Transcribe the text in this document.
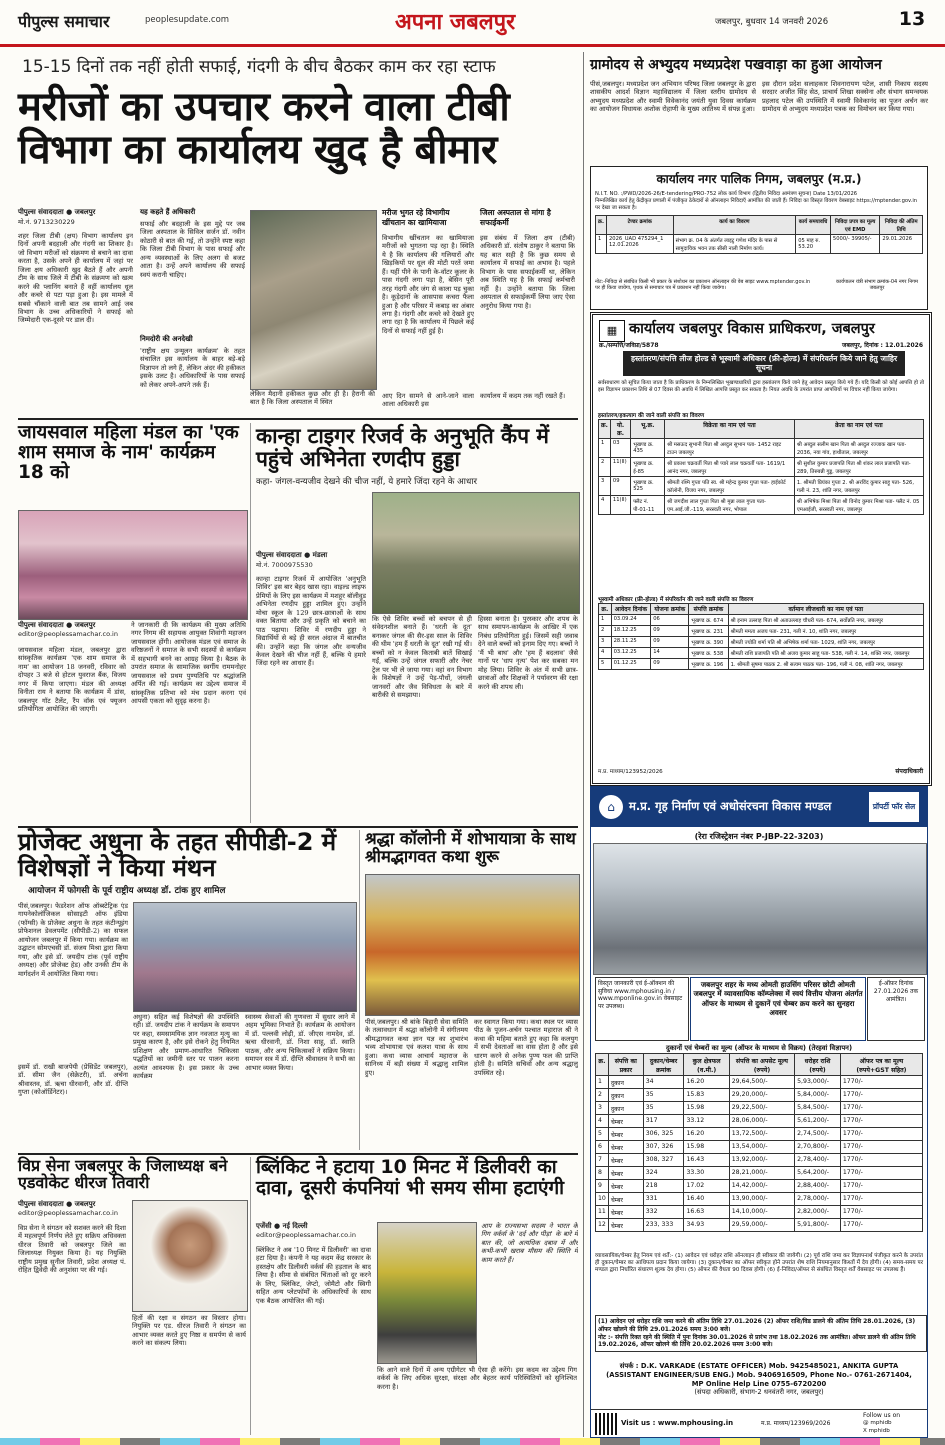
पीपुल्स समाचार	peoplesupdate.com	अपना जबलपुर	जबलपुर, बुधवार 14 जनवरी 2026	13
15-15 दिनों तक नहीं होती सफाई, गंदगी के बीच बैठकर काम कर रहा स्टाफ
मरीजों का उपचार करने वाला टीबी विभाग का कार्यालय खुद है बीमार
पीपुल्स संवाददाता ● जबलपुर
मो.नं. 9713230229
शहर जिला टीबी (क्षय) विभाग कार्यालय इन दिनों अपनी बदहाली और गंदगी का शिकार है। जो विभाग मरीजों को संक्रमण से बचाने का दावा करता है, उसके अपने ही कार्यालय में जहां पर जिला क्षय अधिकारी खुद बैठते हैं और अपनी टीम के साथ जिले में टीबी के संक्रमण को खत्म करने की प्लानिंग बनाते हैं वहीं कार्यालय धूल और कचरे से पटा पड़ा हुआ है। इस मामले में सबसे चौंकाने वाली बात तब सामने आई जब विभाग के उच्च अधिकारियों ने सफाई को जिम्मेदारी एक-दूसरे पर डाल दी।
यह कहते हैं अधिकारी
सफाई और बदहाली के इस मुद्दे पर जब जिला अस्पताल के सिविल सर्जन डॉ. नवीन कोठारी से बात की गई, तो उन्होंने स्पष्ट कहा कि जिला टीबी विभाग के पास सफाई और अन्य व्यवस्थाओं के लिए अलग से बजट आता है। उन्हें अपने कार्यालय की सफाई स्वयं करानी चाहिए।
निमदोरी की अनदेखी
'राष्ट्रीय क्षय उन्मूलन कार्यक्रम' के तहत संचालित इस कार्यालय के बाहर बड़े-बड़े विज्ञापन तो लगे हैं, लेकिन अंदर की हकीकत इसके उलट है। अधिकारियों के पास सफाई को लेकर अपने-अपने तर्क हैं।
लेकिन मैदानी हकीकत कुछ और ही है। हैरानी की बात है कि जिला अस्पताल में स्थित
मरीज भुगत रहे विभागीय खींचतान का खामियाजा
विभागीय खींचतान का खामियाजा मरीजों को भुगतना पड़ रहा है। स्थिति ये है कि कार्यालय की गलियारों और खिड़कियों पर धूल की मोटी परतें जमा हैं। यहीं पीने के पानी के-वॉटर कूलर के पास गंदगी लगा पड़ा है, बेसिन पूरी तरह गंदगी और जंग से काला पड़ चुका है। कूड़ेदानों के आसपास कचरा फैला हुआ है और परिसर में कबाड़ का अंबार लगा है। गंदगी और कचरे को देखते हुए लगा रहा है कि कार्यालय में पिछले कई दिनों से सफाई नहीं हुई है।
आए दिन सामने से आने-जाने वाला आला अधिकारी इस
जिला अस्पताल से मांगा है सफाईकर्मी
इस संबंध में जिला क्षय (टीबी) अधिकारी डॉ. संतोष ठाकुर ने बताया कि यह बात सही है कि कुछ समय से कार्यालय में सफाई का अभाव है। पहले विभाग के पास सफाईकर्मी था, लेकिन अब स्थिति यह है कि सफाई कर्मचारी नहीं है। उन्होंने बताया कि जिला अस्पताल से सफाईकर्मी लिया जाए ऐसा अनुरोध किया गया है।
कार्यालय में कदम तक नहीं रखते हैं।
जायसवाल महिला मंडल का 'एक शाम समाज के नाम' कार्यक्रम 18 को
पीपुल्स संवाददाता ● जबलपुर
editor@peoplessamachar.co.in
जायसवाल महिला मंडल, जबलपुर द्वारा सांस्कृतिक कार्यक्रम 'एक शाम समाज के नाम' का आयोजन 18 जनवरी, रविवार को दोपहर 3 बजे से होटल युवराज बैंक, विजय नगर में किया जाएगा। मंडल की अध्यक्ष विनीता राय ने बताया कि कार्यक्रम में डांस, जबलपुर गॉट टैलेंट, रैंप वॉक एवं फ्यूजन प्रतियोगिता आयोजित की जाएगी।
ने जानकारी दी कि कार्यक्रम की मुख्य अतिथि नगर निगम की सहायक आयुक्त शिवांगी महाजन जायसवाल होंगी। आयोजक मंडल एवं समाज के वरिष्ठजनों ने समाज के सभी सदस्यों से कार्यक्रम में सहभागी बनने का आग्रह किया है। बैठक के उपरांत समाज के सामाजिक स्वर्गीय राममनोहर जायसवाल को प्रथम पुण्यतिथि पर श्रद्धांजलि अर्पित की गई। कार्यक्रम का उद्देश्य समाज में सांस्कृतिक प्रतिभा को मंच प्रदान करना एवं आपसी एकता को सुदृढ़ करना है।
कान्हा टाइगर रिजर्व के अनुभूति कैंप में पहुंचे अभिनेता रणदीप हुड्डा
कहा- जंगल-वन्यजीव देखने की चीज नहीं, ये हमारे जिंदा रहने के आधार
पीपुल्स संवाददाता ● मंडला
मो.नं. 7000975530
कान्हा टाइगर रिजर्व में आयोजित 'अनुभूति शिविर' इस बार बेहद खास रहा। वाइल्ड लाइफ प्रेमियों के लिए इस कार्यक्रम में मशहूर बॉलीवुड अभिनेता रणदीप हुड्डा शामिल हुए। उन्होंने मोचा स्कूल के 129 छात्र-छात्राओं के साथ वक्त बिताया और उन्हें प्रकृति को बचाने का पाठ पढ़ाया। शिविर में रणदीप हुड्डा ने विद्यार्थियों से बड़े ही सरल अंदाज में बातचीत की। उन्होंने कहा कि जंगल और वन्यजीव केवल देखने की चीज नहीं हैं, बल्कि ये हमारे जिंदा रहने का आधार हैं।
कि ऐसे शिविर बच्चों को बचपन से ही संवेदनशील बनाते हैं। 'धरती के दूत' बनाकर जंगल की सैर-इस साल के शिविर की थीम 'हम हैं धरती के दूत' रखी गई थी। बच्चों को न केवल किताबी बातें सिखाई गईं, बल्कि उन्हें जंगल सफारी और नेचर ट्रेल पर भी ले जाया गया। वहां वन विभाग के विशेषज्ञों ने उन्हें पेड़-पौधों, जंगली जानवरों और जैव विविधता के बारे में बारीकी से समझाया।
हिस्सा बनाता है। पुरस्कार और शपथ के साथ समापन-कार्यक्रम के आखिर में एक निबंध प्रतियोगिता हुई। जिसमें सही जवाब देने वाले बच्चों को इनाम दिए गए। बच्चों ने 'मैं भी बाघ' और 'हम हैं बदलाव' जैसे गानों पर 'धाप नृत्य' पेश कर सबका मन मोह लिया। शिविर के अंत में सभी छात्र-छात्राओं और शिक्षकों ने पर्यावरण की रक्षा करने की शपथ ली।
प्रोजेक्ट अधुना के तहत सीपीडी-2 में विशेषज्ञों ने किया मंथन
आयोजन में फोगसी के पूर्व राष्ट्रीय अध्यक्ष डॉ. टांक हुए शामिल
पीसं,जबलपुर। फेडरेशन ऑफ ऑब्स्टेट्रिक एंड गायनेकोलॉजिकल सोसाइटी ऑफ इंडिया (फॉग्सी) के प्रोजेक्ट अधुना के तहत कंटीन्यूइंग प्रोफेशनल डेवलपमेंट (सीपीडी-2) का सफल आयोजन जबलपुर में किया गया। कार्यक्रम का उद्घाटन सोमएचसी डॉ. संजय मिश्रा द्वारा किया गया, और इसे डॉ. जयदीप टांक (पूर्व राष्ट्रीय अध्यक्ष) और प्रोजेक्ट हेड) और उनकी टीम के मार्गदर्शन में आयोजित किया गया।
इसमें डॉ. राखी बाजपेयी (प्रेसिडेंट जबलपुर), डॉ. सीमा जैन (सेक्रेटरी), डॉ. अर्चना श्रीवास्तव, डॉ. ऋचा धीरवानी, और डॉ. दीप्ति गुप्ता (कोऑर्डिनेटर)।
अधुना) सहित कई विशेषज्ञों की उपस्थिति रही। डॉ. जयदीप टांक ने कार्यक्रम के समापन पर कहा, समसामयिक ज्ञान नवजात मृत्यु का प्रमुख कारण है, और इसे रोकने हेतु नियमित प्रशिक्षण और प्रमाण-आधारित चिकित्सा पद्धतियों का जमीनी स्तर पर पालन करना अत्यंत आवश्यक है। इस प्रकार के उच्च कार्यक्रम
स्वास्थ्य सेवाओं की गुणवत्ता में सुधार लाने में अहम भूमिका निभाते हैं। कार्यक्रम के आयोजन में डॉ. पल्लवी लोढ़ी, डॉ. जीएस नामदेव, डॉ. ऋचा धीरवानी, डॉ. निशा साहू, डॉ. स्वाति पाठक, और अन्य चिकित्सकों ने सक्रिय किया। समापन सत्र में डॉ. दीप्ति श्रीवास्तव ने सभी का आभार व्यक्त किया।
श्रद्धा कॉलोनी में शोभायात्रा के साथ श्रीमद्भागवत कथा शुरू
पीसं,जबलपुर। श्री बांके बिहारी सेवा समिति के तत्वावधान में श्रद्धा कॉलोनी में संगीतमय श्रीमद्भागवत कथा ज्ञान यज्ञ का शुभारंभ भव्य शोभायात्रा एवं कलश यात्रा के साथ हुआ। कथा व्यास आचार्य महाराज के सानिध्य में बड़ी संख्या में श्रद्धालु शामिल हुए।
कर स्वागत किया गया। कथा स्थल पर व्यास पीठ के पूजन-अर्चन पश्चात महाराज श्री ने कथा की महिमा बताते हुए कहा कि कलयुग में सभी देवताओं का वास होता है और इसे धारण करने से अनेक पुण्य फल की प्राप्ति होती है। समिति सचिवों और अन्य श्रद्धालु उपस्थित रहे।
विप्र सेना जबलपुर के जिलाध्यक्ष बने एडवोकेट धीरज तिवारी
पीपुल्स संवाददाता ● जबलपुर
editor@peoplessamachar.co.in
विप्र सेना ने संगठन को सशक्त करने की दिशा में महत्वपूर्ण निर्णय लेते हुए सक्रिय अधिवक्ता धीरज तिवारी को जबलपुर जिले का जिलाध्यक्ष नियुक्त किया है। यह नियुक्ति राष्ट्रीय प्रमुख सुनील तिवारी, प्रदेश अध्यक्ष पं. रोहित द्विवेदी की अनुशंसा पर की गई।
हितों की रक्षा व संगठन का विस्तार होगा। नियुक्ति पर एड. धीरज तिवारी ने संगठन का आभार व्यक्त करते हुए निष्ठा व समर्पण से कार्य करने का संकल्प लिया।
ब्लिंकिट ने हटाया 10 मिनट में डिलीवरी का दावा, दूसरी कंपनियां भी समय सीमा हटाएंगी
एजेंसी ● नई दिल्ली
editor@peoplessamachar.co.in
ब्लिंकिट ने अब '10 मिनट में डिलीवरी' का दावा हटा दिया है। कंपनी ने यह कदम केंद्र सरकार के हस्तक्षेप और डिलीवरी वर्कर्स की हड़ताल के बाद लिया है। सीमा से संबंधित चिंताओं को दूर करने के लिए, ब्लिंकिट, जेप्टो, जोमैटो और स्विगी सहित अन्य प्लेटफॉर्मों के अधिकारियों के साथ एक बैठक आयोजित की गई।
आप के राज्यसभा सदस्य ने भारत के गिग वर्कर्स के 'दर्द और पीड़ा' के बारे में बात की, जो अत्यधिक दबाव में और कभी-कभी खराब मौसम की स्थिति में काम करते हैं।
कि आने वाले दिनों में अन्य एग्रीगेटर भी ऐसा ही करेंगे। इस कदम का उद्देश्य गिग वर्कर्स के लिए अधिक सुरक्षा, संरक्षा और बेहतर कार्य परिस्थितियों को सुनिश्चित करना है।
ग्रामोदय से अभ्युदय मध्यप्रदेश पखवाड़ा का हुआ आयोजन
पीसं,जबलपुर। मध्यप्रदेश जन अभियान परिषद जिला जबलपुर के द्वारा शासकीय आदर्श विज्ञान महाविद्यालय में जिला स्तरीय ग्रामोदय से अभ्युदय मध्यप्रदेश और स्वामी विवेकानंद जयंती युवा दिवस कार्यक्रम का आयोजन विधायक अशोक रोहाणी के मुख्य आतिथ्य में संपन्न हुआ।
इस दौरान प्रदेश सलाहकार शिवनारायण पटेल, शासी निकाय सदस्य सरदार अजीत सिंह सेठ, प्राचार्य शिखा सक्सेना और संभाग समन्वयक प्रहलाद पटेल की उपस्थिति में स्वामी विवेकानंद का पूजन अर्चन कर ग्रामोदय से अभ्युदय मध्यप्रदेश पत्रक का विमोचन कर किया गया।
कार्यालय नगर पालिक निगम, जबलपुर (म.प्र.)
N.I.T. NO. :/PWD/2026-26/E-tendering/PRO-752 लोक कार्य विभाग (द्वितीय निविदा आमंत्रण सूचना) Date 13/01/2026
निम्नलिखित कार्य हेतु केंद्रीकृत प्रणाली में पंजीकृत ठेकेदारों से ऑनलाइन निविदाएँ आमंत्रित की जाती हैं। निविदा का विस्तृत विवरण वेबसाइट https://mptender.gov.in पर देखा जा सकता है।
क्र.	टेण्डर क्रमांक	कार्य का विवरण	कार्य समयावधि	निविदा प्रपत्र का मूल्य एवं EMD	निविदा की अंतिम तिथि
1	2026_UAD 475294_1 12.01.2026	संभाग क्र. 04 के अंतर्गत लाइटु गणेश मंदिर के पास से सामुदायिक भवन तक सीसी नाली निर्माण कार्य।	05 माह रु. 53.20	5000/- 39905/-	29.01.2026
नोट:-निविदा से संबंधित किसी भी प्रकार के संशोधन का प्रकाशन ऑनलाइन की वेब साइट www.mptender.gov.in पर ही किया जायेगा, पृथक से समाचार पत्र में प्रकाशन नहीं किया जायेगा।
कार्यपालन यंत्री संभाग क्रमांक-04 नगर निगम जबलपुर
▦ कार्यालय जबलपुर विकास प्राधिकरण, जबलपुर
क्र./सम्पत्ति/जविप्रा/5878	जबलपुर, दिनांक : 12.01.2026
हस्तांतरण/संपत्ति लीज होल्ड से भूस्वामी अधिकार (फ्री-होल्ड) में संपरिवर्तन किये जाने हेतु जाहिर सूचना
सर्वसाधारण को सूचित किया जाता है कि प्राधिकरण के निम्नलिखित भूखण्डधारियों द्वारा हस्तांतरण किये जाने हेतु आवेदन प्रस्तुत किये गये हैं। यदि किसी को कोई आपत्ति हो तो इस विज्ञापन प्रकाशन तिथि से 07 दिवस की अवधि में लिखित आपत्ति प्रस्तुत कर सकता है। नियत अवधि के उपरांत प्राप्त आपत्तियों पर विचार नहीं किया जायेगा।
हस्तांतरण/हकत्याग की जाने वाली संपत्ति का विवरण
क्र.	यो. क्र.	भू.क्र.	विक्रेता का नाम एवं पता	क्रेता का नाम एवं पता
1	03	भूखण्ड क्र. 435	श्री मसऊद सुभानी पिता श्री अब्दुल सुभान पता- 1452 राइट टाउन जबलपुर	श्री अब्दुल सलीम खान पिता श्री अब्दुल रज्जाक खान पता- 2036, नया गांव, हाथीताल, जबलपुर
2	11(II)	भूखण्ड क्र. ई-85	श्री प्रकाश चक्रवर्ती पिता श्री प्यारे लाल चक्रवर्ती पता- 1619/1 आनंद नगर, जबलपुर	श्री सुशील कुमार प्रजापति पिता श्री शंकर लाल प्रजापति पता- 289, तिरुबन्नी गुड्ड, जबलपुर
3	09	भूखण्ड क्र. 525	श्रीमती रश्मि गुप्ता पति स्व. श्री महेन्द्र कुमार गुप्ता पता- हाईकोर्ट कॉलोनी, विजय नगर, जबलपुर	1. श्रीमती प्रियंका गुप्ता 2. श्री अरविंद कुमार साहू पता- 526, गली नं. 23, शांति नगर, जबलपुर
4	11(II)	फ्लैट नं. पी-01-11	श्री जगदीश लाल गुप्ता पिता श्री मुन्ना लाल गुप्ता पता- एम.आई.जी.-119, सरस्वती नगर, भोपाल	श्री अभिषेक मिश्रा पिता श्री विनोद कुमार मिश्रा पता- फ्लैट नं. 05 एमआईजी, सरस्वती नगर, जबलपुर
भूस्वामी अधिकार (फ्री-होल्ड) में संपरिवर्तन की जाने वाली संपत्ति का विवरण
क्र.	आवेदन दिनांक	योजना क्रमांक	संपत्ति क्रमांक	वर्तमान लीजधारी का नाम एवं पता
1	03.09.24	06	भूखण्ड क्र. 674	श्री इनाम उल्लाह पिता श्री अताउल्लाह चौधरी पता- 674, सर्वोन्नति नगर, जबलपुर
2	18.12.25	09	भूखण्ड क्र. 231	श्रीमती ममता अजय पता- 231, गली नं. 10, शांति नगर, जबलपुर
3	28.11.25	09	भूखण्ड क्र. 390	श्रीमती ज्योति शर्मा पति श्री अभिषेक शर्मा पता- 1029, शांति नगर, जबलपुर
4	03.12.25	14	भूखण्ड क्र. 538	श्रीमती राशि प्रजापति पति श्री अजय कुमार साहू पता- 538, गली नं. 14, शक्ति नगर, जबलपुर
5	01.12.25	09	भूखण्ड क्र. 196	1. श्रीमती सुषमा पाठक 2. श्री सत्यम पाठक पता- 196, गली नं. 08, शांति नगर, जबलपुर
म.प्र. माध्यम/123952/2026	संपदाधिकारी
⌂	म.प्र. गृह निर्माण एवं अधोसंरचना विकास मण्डल	प्रॉपर्टी फॉर सेल
(रेरा रजिस्ट्रेशन नंबर P-JBP-22-3203)
विस्तृत जानकारी एवं ई-ऑक्शन की सुविधा www.mphousing.in / www.mponline.gov.in वेबसाइट पर उपलब्ध।
जबलपुर शहर के मध्य ओमती हाउसिंग परिसर छोटी ओमती जबलपुर में व्यावसायिक कॉम्प्लेक्स में स्वयं वित्तीय योजना अंतर्गत ऑफर के माध्यम से दुकानें एवं चेम्बर क्रय करने का सुनहरा अवसर
ई-ऑफ़र दिनांक 27.01.2026 तक आमंत्रित।
दुकानों एवं चेम्बरों का मूल्य (ऑफर के माध्यम से विक्रय) (तेरहवां विज्ञापन)
क्र.	संपत्ति का प्रकार	दुकान/चेम्बर क्रमांक	कुल क्षेत्रफल (व.मी.)	संपत्ति का अपसेट मूल्य (रुपये)	धरोहर राशि (रुपये)	ऑफर पत्र का मूल्य (रुपये+GST सहित)
1	दुकान	34	16.20	29,64,500/-	5,93,000/-	1770/-
2	दुकान	35	15.83	29,20,000/-	5,84,000/-	1770/-
3	दुकान	35	15.98	29,22,500/-	5,84,500/-	1770/-
4	चेम्बर	317	33.12	28,06,000/-	5,61,200/-	1770/-
5	चेम्बर	306, 325	16.20	13,72,500/-	2,74,500/-	1770/-
6	चेम्बर	307, 326	15.98	13,54,000/-	2,70,800/-	1770/-
7	चेम्बर	308, 327	16.43	13,92,000/-	2,78,400/-	1770/-
8	चेम्बर	324	33.30	28,21,000/-	5,64,200/-	1770/-
9	चेम्बर	218	17.02	14,42,000/-	2,88,400/-	1770/-
10	चेम्बर	331	16.40	13,90,000/-	2,78,000/-	1770/-
11	चेम्बर	332	16.63	14,10,000/-	2,82,000/-	1770/-
12	चेम्बर	233, 333	34.93	29,59,000/-	5,91,800/-	1770/-
व्यावसायिक/चेम्बर हेतु नियम एवं शर्तें:- (1) आवेदन एवं धरोहर राशि ऑनलाइन ही स्वीकार की जायेगी। (2) पूर्व राशि जमा कर विज्ञापनार्थ पंजीकृत करने के उपरांत ही दुकान/चेम्बर का आधिपत्य प्रदान किया जायेगा। (3) दुकान/चेम्बर का ऑफर स्वीकृत होने उपरांत शेष राशि नियमानुसार किश्तों में देय होगी। (4) समय-समय पर मण्डल द्वारा निर्धारित संधारण शुल्क देय होगा। (5) ऑफर की वैधता 90 दिवस होगी। (6) ई-निविदा/ऑफर से संबंधित विस्तृत शर्तें वेबसाइट पर उपलब्ध हैं।
(1) आवेदन एवं धरोहर राशि जमा करने की अंतिम तिथि 27.01.2026 (2) ऑफर राशि/विड डालने की अंतिम तिथि 28.01.2026, (3) ऑफर खोलने की तिथि 29.01.2026 समय 3:00 बजे।
नोट :- संपत्ति रिक्त रहने की स्थिति में पुनः दिनांक 30.01.2026 से प्रारंभ तथा 18.02.2026 तक आमंत्रित। ऑफर डालने की अंतिम तिथि 19.02.2026, ऑफर खोलने की तिथि 20.02.2026 समय 3:00 बजे।
संपर्क : D.K. VARKADE (ESTATE OFFICER) Mob. 9425485021, ANKITA GUPTA
(ASSISTANT ENGINEER/SUB ENG.) Mob. 9406916509, Phone No.- 0761-2671404,
MP Online Help Line 0755-6720200
(संपदा अधिकारी, संभाग-2 धनवंतरी नगर, जबलपुर)
Visit us : www.mphousing.in	म.प्र. माध्यम/123969/2026
Follow us on
@ mphidb
X mphidb
